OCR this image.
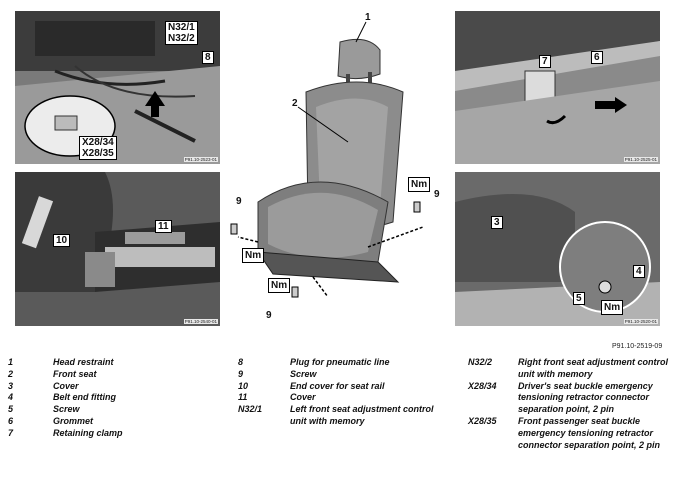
N32/1
N32/2
8
X28/34
X28/35
P91.10-2523-01
10
11
P91.10-2540-01
7	6
P91.10-2525-01
3
4
5
Nm
P91.10-2520-01
1
2
9
9
9
Nm
Nm
Nm
P91.10-2519-09
1	Head restraint
2	Front seat
3	Cover
4	Belt end fitting
5	Screw
6	Grommet
7	Retaining clamp
8	Plug for pneumatic line
9	Screw
10	End cover for seat rail
11	Cover
N32/1	Left front seat adjustment control unit with memory
N32/2	Right front seat adjustment control unit with memory
X28/34	Driver's seat buckle emergency tensioning retractor connector separation point, 2 pin
X28/35	Front passenger seat buckle emergency tensioning retractor connector separation point, 2 pin
